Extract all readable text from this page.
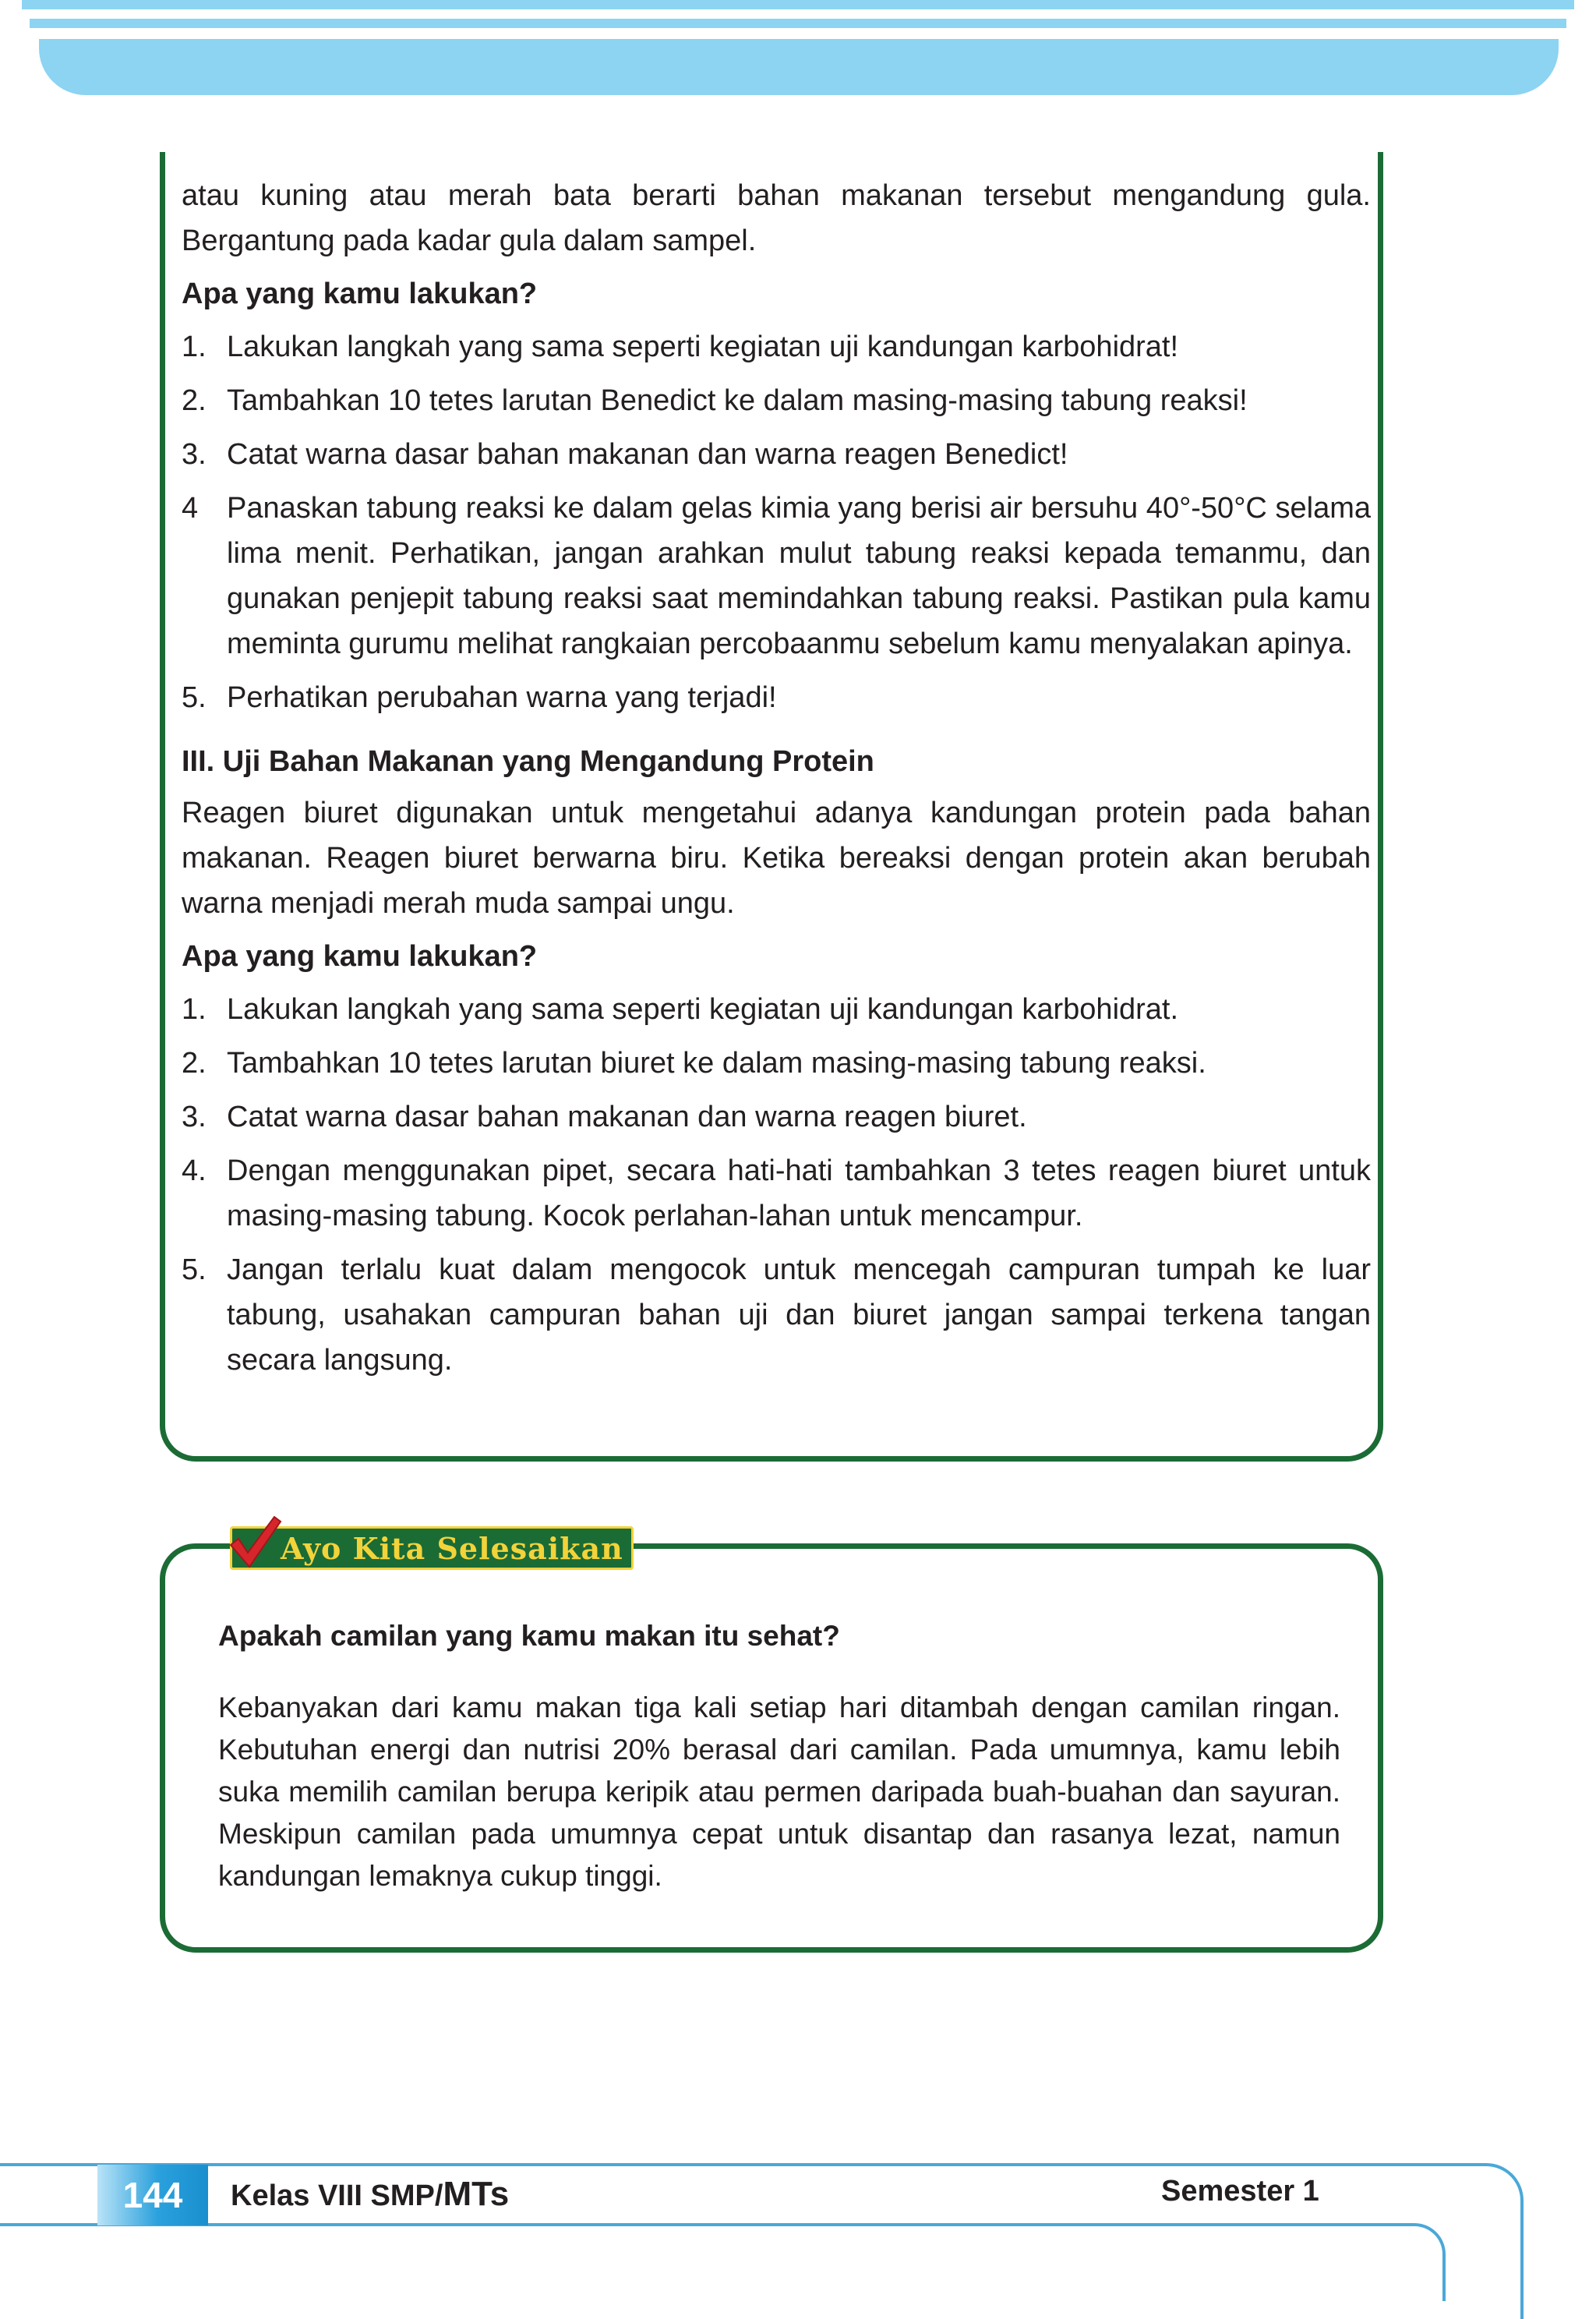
atau kuning atau merah bata berarti bahan makanan tersebut mengandung gula. Bergantung pada kadar gula dalam sampel.

Apa yang kamu lakukan?
1. Lakukan langkah yang sama seperti kegiatan uji kandungan karbohidrat!
2. Tambahkan 10 tetes larutan Benedict ke dalam masing-masing tabung reaksi!
3. Catat warna dasar bahan makanan dan warna reagen Benedict!
4 Panaskan tabung reaksi ke dalam gelas kimia yang berisi air bersuhu 40°-50°C selama lima menit. Perhatikan, jangan arahkan mulut tabung reaksi kepada temanmu, dan gunakan penjepit tabung reaksi saat memindahkan tabung reaksi. Pastikan pula kamu meminta gurumu melihat rangkaian percobaanmu sebelum kamu menyalakan apinya.
5. Perhatikan perubahan warna yang terjadi!
III. Uji Bahan Makanan yang Mengandung Protein

Reagen biuret digunakan untuk mengetahui adanya kandungan protein pada bahan makanan. Reagen biuret berwarna biru. Ketika bereaksi dengan protein akan berubah warna menjadi merah muda sampai ungu.

Apa yang kamu lakukan?
1. Lakukan langkah yang sama seperti kegiatan uji kandungan karbohidrat.
2. Tambahkan 10 tetes larutan biuret ke dalam masing-masing tabung reaksi.
3. Catat warna dasar bahan makanan dan warna reagen biuret.
4. Dengan menggunakan pipet, secara hati-hati tambahkan 3 tetes reagen biuret untuk masing-masing tabung. Kocok perlahan-lahan untuk mencampur.
5. Jangan terlalu kuat dalam mengocok untuk mencegah campuran tumpah ke luar tabung, usahakan campuran bahan uji dan biuret jangan sampai terkena tangan secara langsung.
Ayo Kita Selesaikan

Apakah camilan yang kamu makan itu sehat?

Kebanyakan dari kamu makan tiga kali setiap hari ditambah dengan camilan ringan. Kebutuhan energi dan nutrisi 20% berasal dari camilan. Pada umumnya, kamu lebih suka memilih camilan berupa keripik atau permen daripada buah-buahan dan sayuran. Meskipun camilan pada umumnya cepat untuk disantap dan rasanya lezat, namun kandungan lemaknya cukup tinggi.

144 Kelas VIII SMP/MTs	Semester 1
